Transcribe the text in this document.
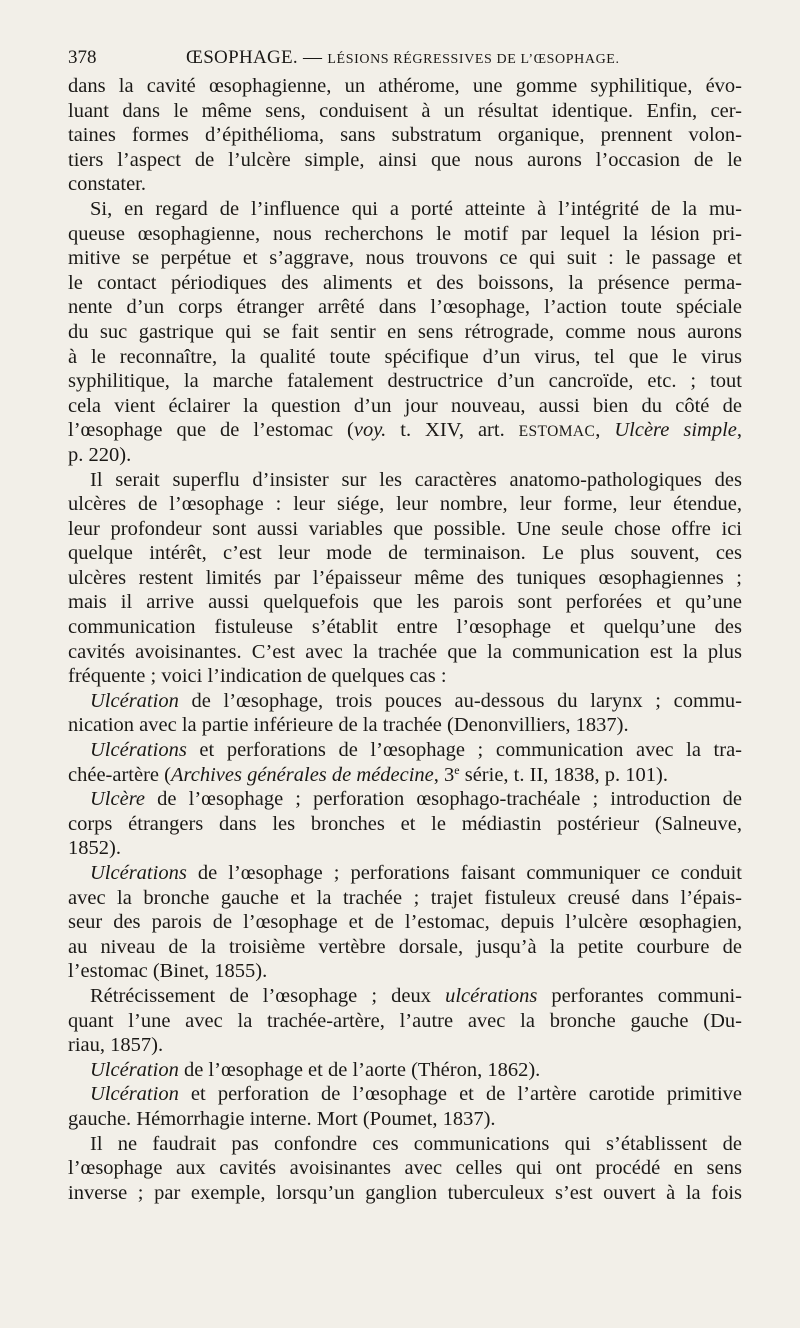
378	ŒSOPHAGE. — LÉSIONS RÉGRESSIVES DE L’ŒSOPHAGE.
dans la cavité œsophagienne, un athérome, une gomme syphilitique, évo-
luant dans le même sens, conduisent à un résultat identique. Enfin, cer-
taines formes d’épithélioma, sans substratum organique, prennent volon-
tiers l’aspect de l’ulcère simple, ainsi que nous aurons l’occasion de le
constater.
Si, en regard de l’influence qui a porté atteinte à l’intégrité de la mu-
queuse œsophagienne, nous recherchons le motif par lequel la lésion pri-
mitive se perpétue et s’aggrave, nous trouvons ce qui suit : le passage et
le contact périodiques des aliments et des boissons, la présence perma-
nente d’un corps étranger arrêté dans l’œsophage, l’action toute spéciale
du suc gastrique qui se fait sentir en sens rétrograde, comme nous aurons
à le reconnaître, la qualité toute spécifique d’un virus, tel que le virus
syphilitique, la marche fatalement destructrice d’un cancroïde, etc. ; tout
cela vient éclairer la question d’un jour nouveau, aussi bien du côté de
l’œsophage que de l’estomac (voy. t. XIV, art. ESTOMAC, Ulcère simple,
p. 220).
Il serait superflu d’insister sur les caractères anatomo-pathologiques des
ulcères de l’œsophage : leur siége, leur nombre, leur forme, leur étendue,
leur profondeur sont aussi variables que possible. Une seule chose offre ici
quelque intérêt, c’est leur mode de terminaison. Le plus souvent, ces
ulcères restent limités par l’épaisseur même des tuniques œsophagiennes ;
mais il arrive aussi quelquefois que les parois sont perforées et qu’une
communication fistuleuse s’établit entre l’œsophage et quelqu’une des
cavités avoisinantes. C’est avec la trachée que la communication est la plus
fréquente ; voici l’indication de quelques cas :
Ulcération de l’œsophage, trois pouces au-dessous du larynx ; commu-
nication avec la partie inférieure de la trachée (Denonvilliers, 1837).
Ulcérations et perforations de l’œsophage ; communication avec la tra-
chée-artère (Archives générales de médecine, 3e série, t. II, 1838, p. 101).
Ulcère de l’œsophage ; perforation œsophago-trachéale ; introduction de
corps étrangers dans les bronches et le médiastin postérieur (Salneuve,
1852).
Ulcérations de l’œsophage ; perforations faisant communiquer ce conduit
avec la bronche gauche et la trachée ; trajet fistuleux creusé dans l’épais-
seur des parois de l’œsophage et de l’estomac, depuis l’ulcère œsophagien,
au niveau de la troisième vertèbre dorsale, jusqu’à la petite courbure de
l’estomac (Binet, 1855).
Rétrécissement de l’œsophage ; deux ulcérations perforantes communi-
quant l’une avec la trachée-artère, l’autre avec la bronche gauche (Du-
riau, 1857).
Ulcération de l’œsophage et de l’aorte (Théron, 1862).
Ulcération et perforation de l’œsophage et de l’artère carotide primitive
gauche. Hémorrhagie interne. Mort (Poumet, 1837).
Il ne faudrait pas confondre ces communications qui s’établissent de
l’œsophage aux cavités avoisinantes avec celles qui ont procédé en sens
inverse ; par exemple, lorsqu’un ganglion tuberculeux s’est ouvert à la fois
